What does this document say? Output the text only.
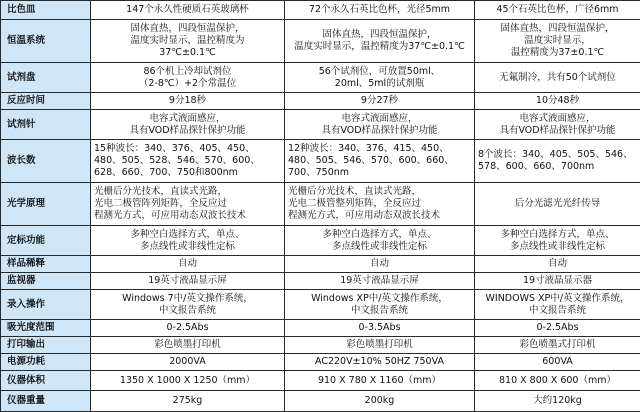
比色皿	147个永久性硬质石英玻璃杯	72个永久石英比色杯，光径5mm	45个石英比色杯，广径6mm

恒温系统	固体直热，四段恒温保护，
温度实时显示，温控精度为
37℃±0.1℃	固体直热，四段恒温保护，
温度实时显示，温控精度为37℃±0.1℃	固体直热，四段恒温保护，
温度实时显示，
温控精度为37±0.1℃

试剂盘	86个机上冷却试剂位
（2-8℃）+2个常温位	56个试剂位，可放置50ml、
20ml、5ml的试剂瓶	无氟制冷，共有50个试剂位

反应时间	9分18秒	9分27秒	10分48秒

试剂针	电容式液面感应，
具有VOD样品探针保护功能	电容式液面感应，
具有VOD样品探针保护功能	电容式液面感应，
具有VOD样品探针保护功能

波长数	15种波长：340、376、405、450、
480、505、528、546、570、600、
628、660、700、750和800nm	12种波长：340、376、415、450、
480、505、546、570、600、660、
700、750nm	8个波长：340、405、505、546、
578、600、660、700nm

光学原理	光栅后分光技术，直读式光路，
光电二极管阵列矩阵，全反应过
程测光方式，可应用动态双波长技术	光栅后分光技术，直读式光路，
光电二极管整列矩阵，全反应过
程测光方式，可应用动态双波长技术	后分光滤光光纤传导

定标功能	多种空白选择方式，单点、
多点线性或非线性定标	多种空白选择方式，单点、
多点线性或非线性定标	多种空白选择方式，单点、
多点线性或非线性定标

样品稀释	自动	自动	自动

监视器	19英寸液晶显示屏	19英寸液晶显示屏	19寸液晶显示器

录入操作	Windows 7中/英文操作系统，
中文报告系统	Windows XP中/英文操作系统，
中文报告系统	WINDOWS XP中/英文操作系统，
中文报告系统

吸光度范围	0-2.5Abs	0-3.5Abs	0-2.5Abs

打印输出	彩色喷墨打印机	彩色喷墨打印机	彩色喷墨式打印机

电源功耗	2000VA	AC220V±10% 50HZ 750VA	600VA

仪器体积	1350 X 1000 X 1250（mm）	910 X 780 X 1160（mm）	810 X 800 X 600（mm）

仪器重量	275kg	200kg	大约120kg
